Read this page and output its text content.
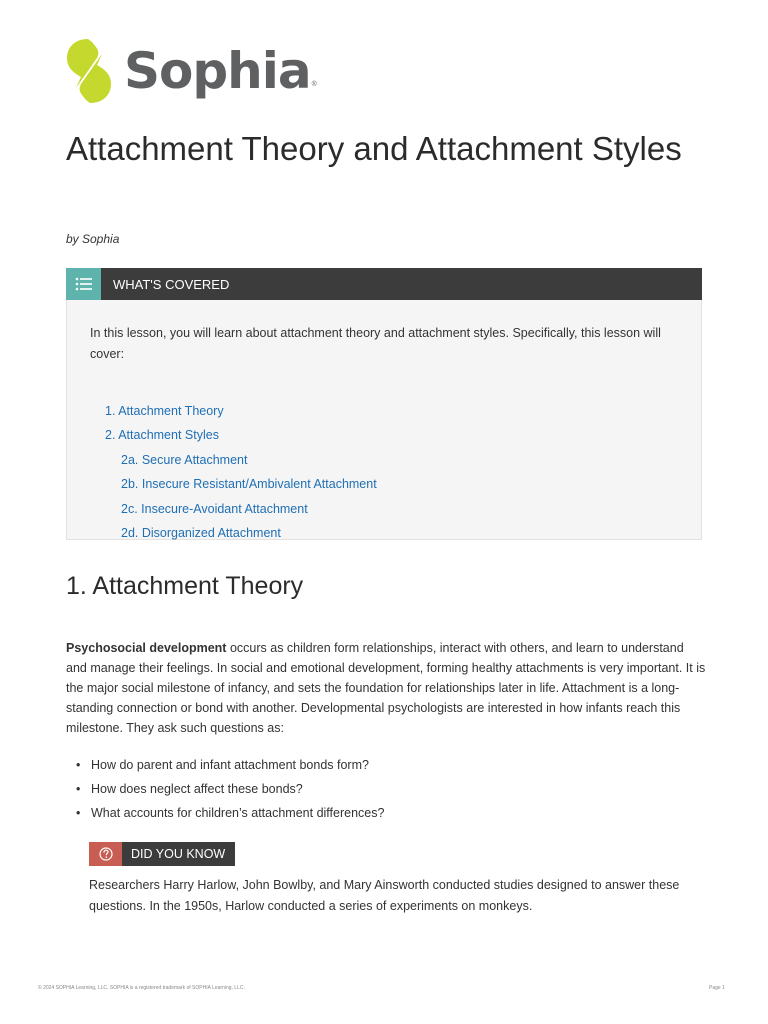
Sophia ®
Attachment Theory and Attachment Styles
by Sophia
WHAT'S COVERED

In this lesson, you will learn about attachment theory and attachment styles. Specifically, this lesson will cover:

1. Attachment Theory
2. Attachment Styles
2a. Secure Attachment
2b. Insecure Resistant/Ambivalent Attachment
2c. Insecure-Avoidant Attachment
2d. Disorganized Attachment
1. Attachment Theory

Psychosocial development occurs as children form relationships, interact with others, and learn to understand and manage their feelings. In social and emotional development, forming healthy attachments is very important. It is the major social milestone of infancy, and sets the foundation for relationships later in life. Attachment is a long-standing connection or bond with another. Developmental psychologists are interested in how infants reach this milestone. They ask such questions as:

• How do parent and infant attachment bonds form?
• How does neglect affect these bonds?
• What accounts for children’s attachment differences?
DID YOU KNOW

Researchers Harry Harlow, John Bowlby, and Mary Ainsworth conducted studies designed to answer these questions. In the 1950s, Harlow conducted a series of experiments on monkeys.

© 2024 SOPHIA Learning, LLC. SOPHIA is a registered trademark of SOPHIA Learning, LLC.	Page 1
